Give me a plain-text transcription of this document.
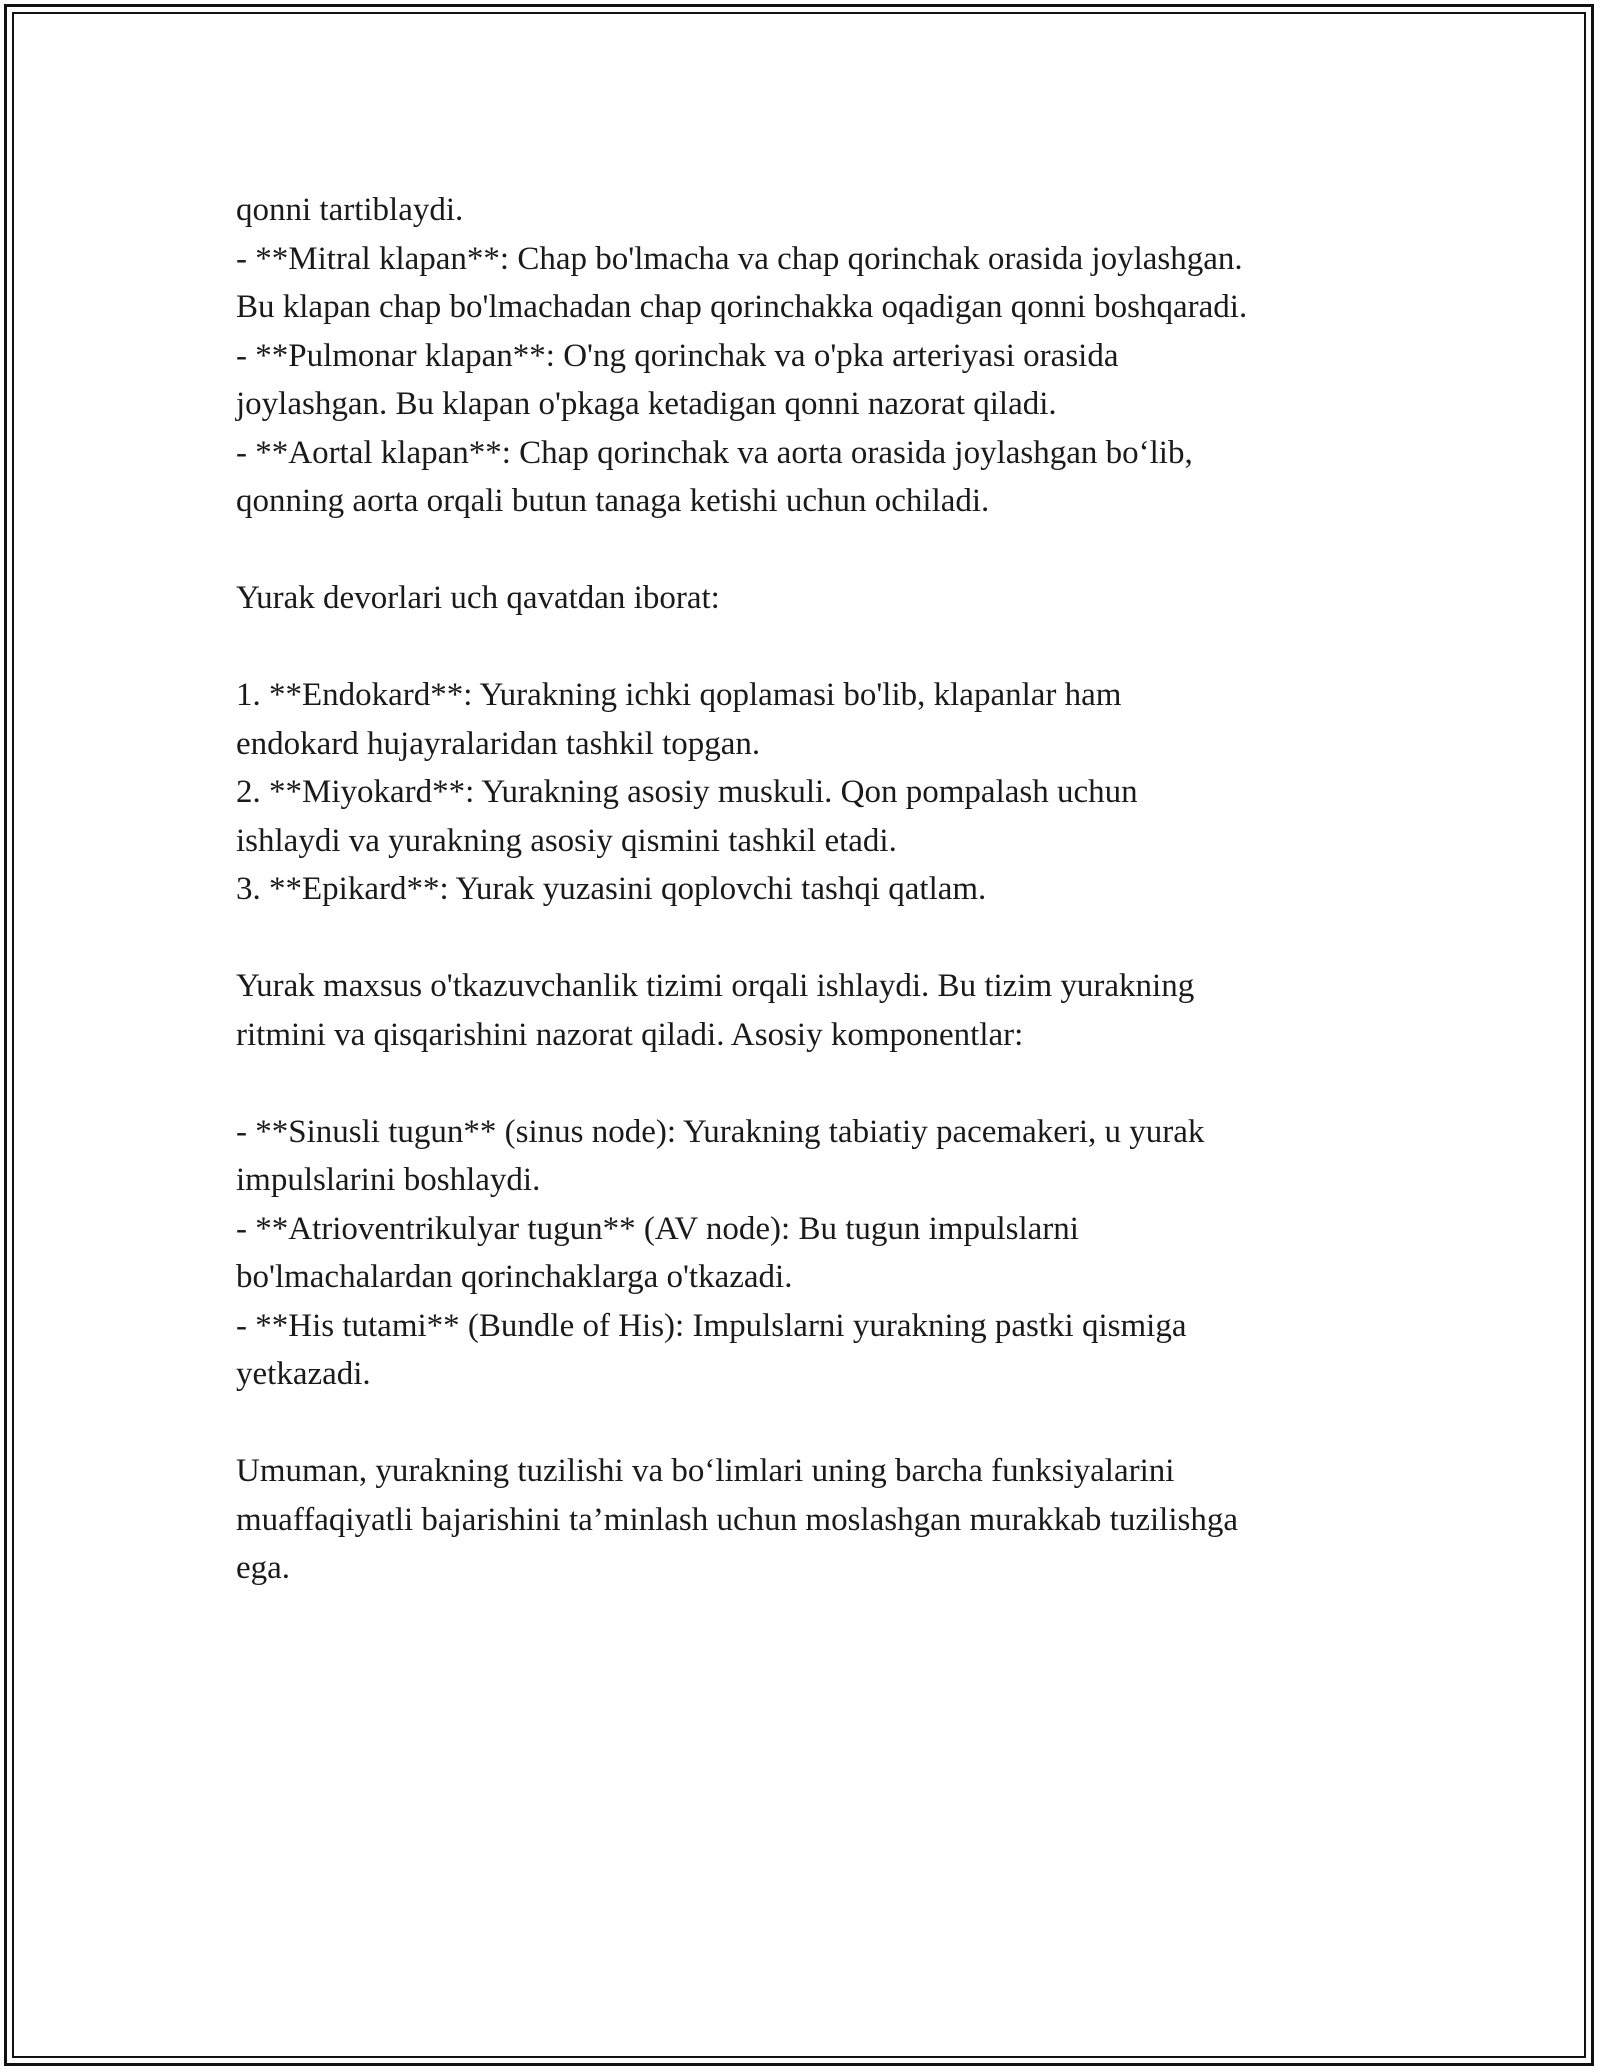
qonni tartiblaydi.
- **Mitral klapan**: Chap bo'lmacha va chap qorinchak orasida joylashgan.
Bu klapan chap bo'lmachadan chap qorinchakka oqadigan qonni boshqaradi.
- **Pulmonar klapan**: O'ng qorinchak va o'pka arteriyasi orasida
joylashgan. Bu klapan o'pkaga ketadigan qonni nazorat qiladi.
- **Aortal klapan**: Chap qorinchak va aorta orasida joylashgan bo‘lib,
qonning aorta orqali butun tanaga ketishi uchun ochiladi.
Yurak devorlari uch qavatdan iborat:
1. **Endokard**: Yurakning ichki qoplamasi bo'lib, klapanlar ham
endokard hujayralaridan tashkil topgan.
2. **Miyokard**: Yurakning asosiy muskuli. Qon pompalash uchun
ishlaydi va yurakning asosiy qismini tashkil etadi.
3. **Epikard**: Yurak yuzasini qoplovchi tashqi qatlam.
Yurak maxsus o'tkazuvchanlik tizimi orqali ishlaydi. Bu tizim yurakning
ritmini va qisqarishini nazorat qiladi. Asosiy komponentlar:
- **Sinusli tugun** (sinus node): Yurakning tabiatiy pacemakeri, u yurak
impulslarini boshlaydi.
- **Atrioventrikulyar tugun** (AV node): Bu tugun impulslarni
bo'lmachalardan qorinchaklarga o'tkazadi.
- **His tutami** (Bundle of His): Impulslarni yurakning pastki qismiga
yetkazadi.
Umuman, yurakning tuzilishi va bo‘limlari uning barcha funksiyalarini
muaffaqiyatli bajarishini ta’minlash uchun moslashgan murakkab tuzilishga
ega.
